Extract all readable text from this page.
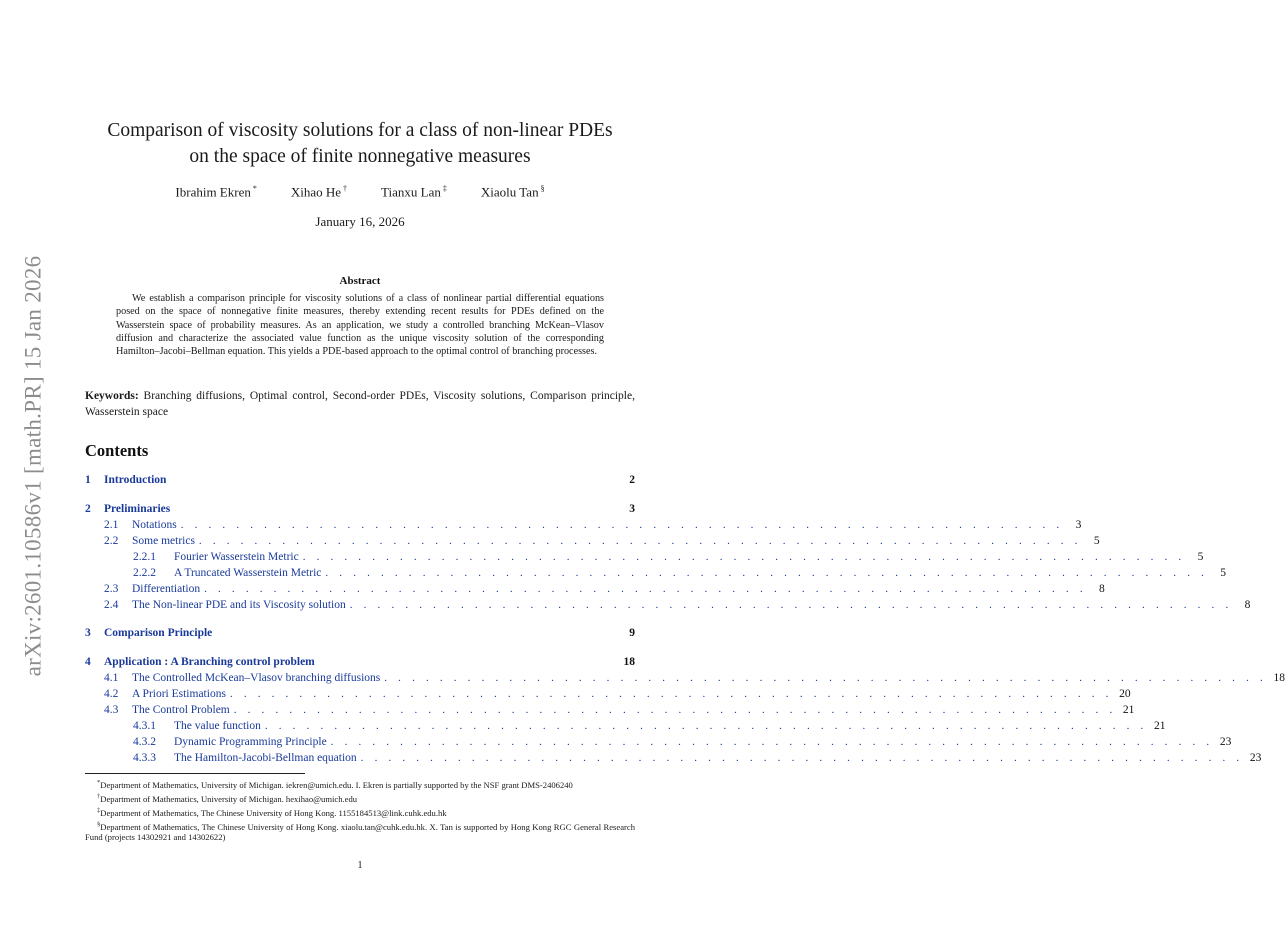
arXiv:2601.10586v1 [math.PR] 15 Jan 2026
Comparison of viscosity solutions for a class of non-linear PDEs
on the space of finite nonnegative measures
Ibrahim Ekren *	Xihao He †	Tianxu Lan ‡	Xiaolu Tan §
January 16, 2026
Abstract
We establish a comparison principle for viscosity solutions of a class of nonlinear partial differential equations posed on the space of nonnegative finite measures, thereby extending recent results for PDEs defined on the Wasserstein space of probability measures. As an application, we study a controlled branching McKean–Vlasov diffusion and characterize the associated value function as the unique viscosity solution of the corresponding Hamilton–Jacobi–Bellman equation. This yields a PDE-based approach to the optimal control of branching processes.
Keywords: Branching diffusions, Optimal control, Second-order PDEs, Viscosity solutions, Comparison principle, Wasserstein space
Contents
1	Introduction	2
2	Preliminaries	3
2.1	Notations . . . . . . . . . . . . . . . . . . . . . . . . . . . . . . . . . . . . . . . . . . . . . . . . . . . . . . . . . . . . . . . .	3
2.2	Some metrics . . . . . . . . . . . . . . . . . . . . . . . . . . . . . . . . . . . . . . . . . . . . . . . . . . . . . . . . . . . . . . . .	5
2.2.1	Fourier Wasserstein Metric . . . . . . . . . . . . . . . . . . . . . . . . . . . . . . . . . . . . . . . . . . . . . . . . . . . . . . . . . . . . . . . .	5
2.2.2	A Truncated Wasserstein Metric . . . . . . . . . . . . . . . . . . . . . . . . . . . . . . . . . . . . . . . . . . . . . . . . . . . . . . . . . . . . . . . .	5
2.3	Differentiation . . . . . . . . . . . . . . . . . . . . . . . . . . . . . . . . . . . . . . . . . . . . . . . . . . . . . . . . . . . . . . . .	8
2.4	The Non-linear PDE and its Viscosity solution . . . . . . . . . . . . . . . . . . . . . . . . . . . . . . . . . . . . . . . . . . . . . . . . . . . . . . . . . . . . . . . .	8
3	Comparison Principle	9
4	Application : A Branching control problem	18
4.1	The Controlled McKean–Vlasov branching diffusions . . . . . . . . . . . . . . . . . . . . . . . . . . . . . . . . . . . . . . . . . . . . . . . . . . . . . . . . . . . . . . . . 18
4.2	A Priori Estimations . . . . . . . . . . . . . . . . . . . . . . . . . . . . . . . . . . . . . . . . . . . . . . . . . . . . . . . . . . . . . . . . 20
4.3	The Control Problem . . . . . . . . . . . . . . . . . . . . . . . . . . . . . . . . . . . . . . . . . . . . . . . . . . . . . . . . . . . . . . . . 21
4.3.1	The value function . . . . . . . . . . . . . . . . . . . . . . . . . . . . . . . . . . . . . . . . . . . . . . . . . . . . . . . . . . . . . . . . 21
4.3.2	Dynamic Programming Principle . . . . . . . . . . . . . . . . . . . . . . . . . . . . . . . . . . . . . . . . . . . . . . . . . . . . . . . . . . . . . . . . 23
4.3.3	The Hamilton-Jacobi-Bellman equation . . . . . . . . . . . . . . . . . . . . . . . . . . . . . . . . . . . . . . . . . . . . . . . . . . . . . . . . . . . . . . . . 23

*Department of Mathematics, University of Michigan. iekren@umich.edu. I. Ekren is partially supported by the NSF grant DMS-2406240

†Department of Mathematics, University of Michigan. hexihao@umich.edu

‡Department of Mathematics, The Chinese University of Hong Kong. 1155184513@link.cuhk.edu.hk

§Department of Mathematics, The Chinese University of Hong Kong. xiaolu.tan@cuhk.edu.hk. X. Tan is supported by Hong Kong RGC General Research Fund (projects 14302921 and 14302622)

1
